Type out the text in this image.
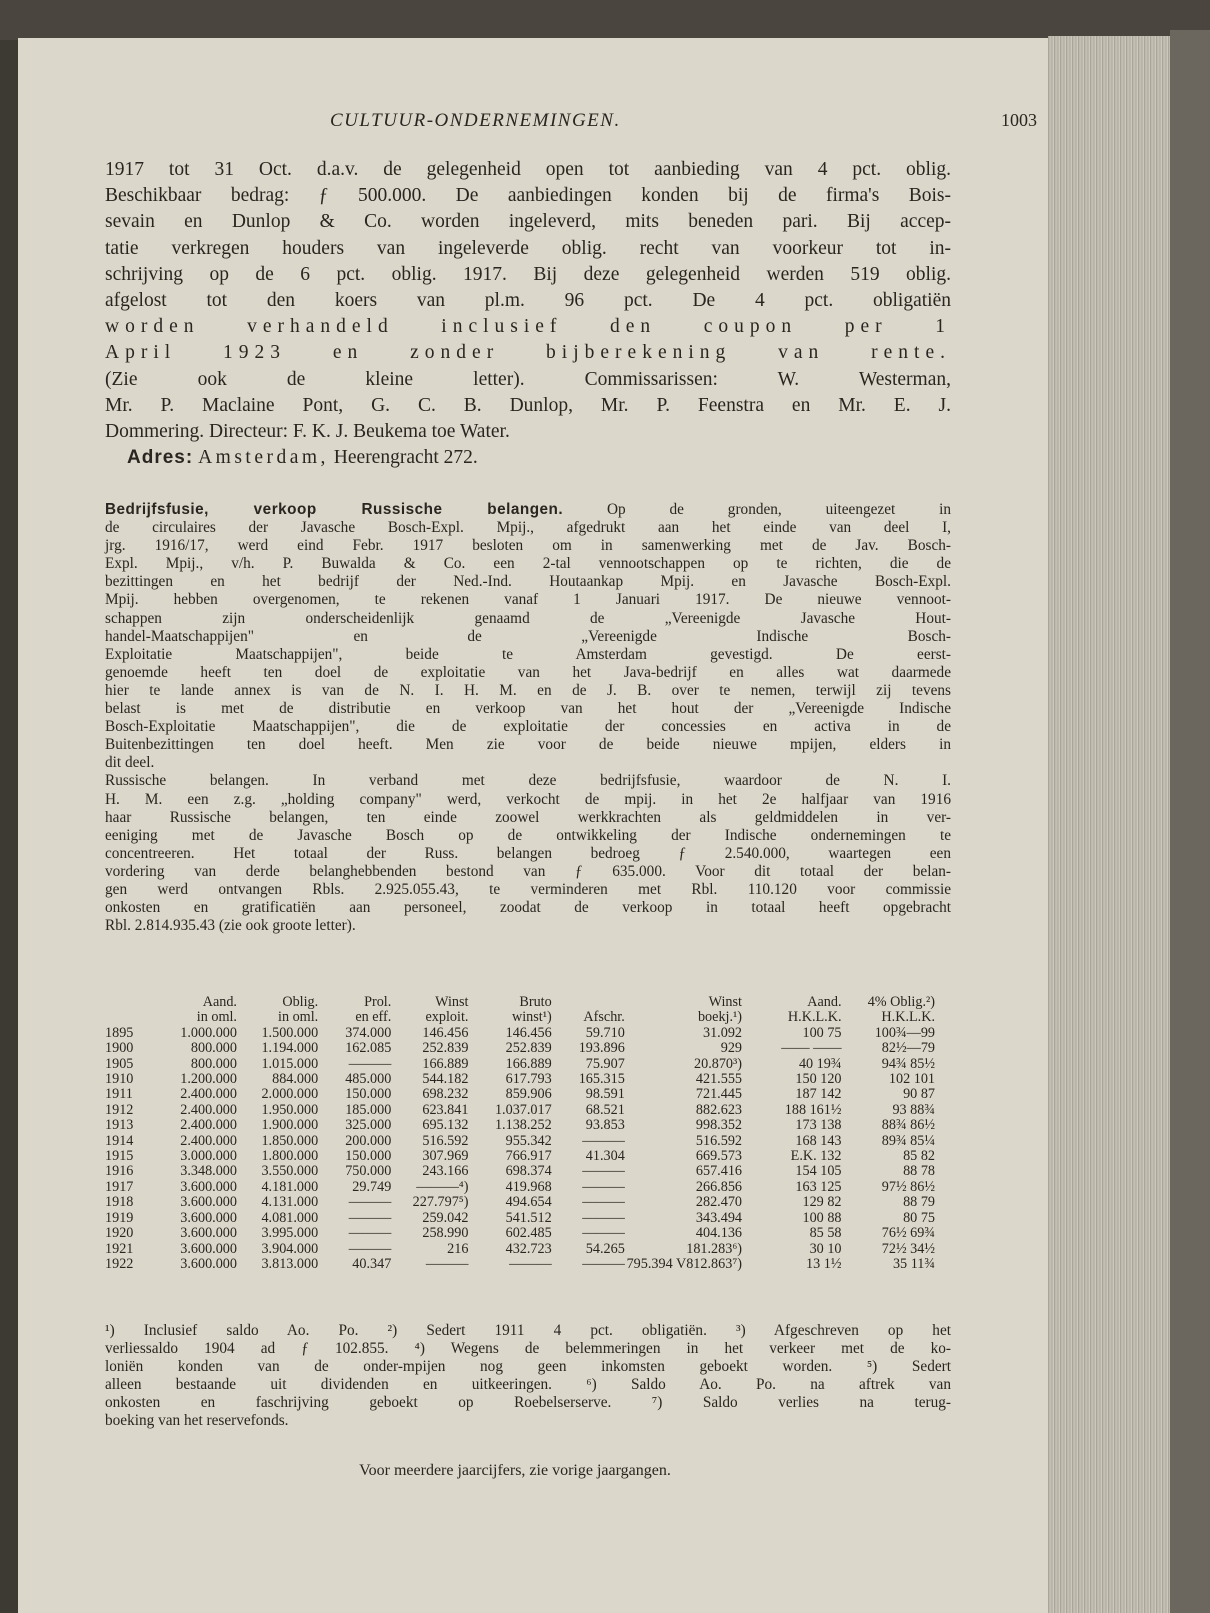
CULTUUR-ONDERNEMINGEN.	1003
1917 tot 31 Oct. d.a.v. de gelegenheid open tot aanbieding van 4 pct. oblig.
Beschikbaar bedrag: ƒ 500.000. De aanbiedingen konden bij de firma's Bois-
sevain en Dunlop & Co. worden ingeleverd, mits beneden pari. Bij accep-
tatie verkregen houders van ingeleverde oblig. recht van voorkeur tot in-
schrijving op de 6 pct. oblig. 1917. Bij deze gelegenheid werden 519 oblig.
afgelost tot den koers van pl.m. 96 pct. De 4 pct. obligatiën
worden verhandeld inclusief den coupon per 1
April 1923 en zonder bijberekening van rente.
(Zie ook de kleine letter). Commissarissen: W. Westerman,
Mr. P. Maclaine Pont, G. C. B. Dunlop, Mr. P. Feenstra en Mr. E. J.
Dommering. Directeur: F. K. J. Beukema toe Water.
Adres: Amsterdam, Heerengracht 272.
Bedrijfsfusie, verkoop Russische belangen. Op de gronden, uiteengezet in
de circulaires der Javasche Bosch-Expl. Mpij., afgedrukt aan het einde van deel I,
jrg. 1916/17, werd eind Febr. 1917 besloten om in samenwerking met de Jav. Bosch-
Expl. Mpij., v/h. P. Buwalda & Co. een 2-tal vennootschappen op te richten, die de
bezittingen en het bedrijf der Ned.-Ind. Houtaankap Mpij. en Javasche Bosch-Expl.
Mpij. hebben overgenomen, te rekenen vanaf 1 Januari 1917. De nieuwe vennoot-
schappen zijn onderscheidenlijk genaamd de „Vereenigde Javasche Hout-
handel-Maatschappijen" en de „Vereenigde Indische Bosch-
Exploitatie Maatschappijen", beide te Amsterdam gevestigd. De eerst-
genoemde heeft ten doel de exploitatie van het Java-bedrijf en alles wat daarmede
hier te lande annex is van de N. I. H. M. en de J. B. over te nemen, terwijl zij tevens
belast is met de distributie en verkoop van het hout der „Vereenigde Indische
Bosch-Exploitatie Maatschappijen", die de exploitatie der concessies en activa in de
Buitenbezittingen ten doel heeft. Men zie voor de beide nieuwe mpijen, elders in
dit deel.
Russische belangen. In verband met deze bedrijfsfusie, waardoor de N. I.
H. M. een z.g. „holding company" werd, verkocht de mpij. in het 2e halfjaar van 1916
haar Russische belangen, ten einde zoowel werkkrachten als geldmiddelen in ver-
eeniging met de Javasche Bosch op de ontwikkeling der Indische ondernemingen te
concentreeren. Het totaal der Russ. belangen bedroeg ƒ 2.540.000, waartegen een
vordering van derde belanghebbenden bestond van ƒ 635.000. Voor dit totaal der belan-
gen werd ontvangen Rbls. 2.925.055.43, te verminderen met Rbl. 110.120 voor commissie
onkosten en gratificatiën aan personeel, zoodat de verkoop in totaal heeft opgebracht
Rbl. 2.814.935.43 (zie ook groote letter).
	Aand.	Oblig.	Prol.	Winst	Bruto		Winst	Aand.	4% Oblig.²)
	in oml.	in oml.	en eff.	exploit.	winst¹)	Afschr.	boekj.¹)	H.K.L.K.	H.K.L.K.
1895	1.000.000	1.500.000	374.000	146.456	146.456	59.710	31.092	100 75	100¾—99
1900	800.000	1.194.000	162.085	252.839	252.839	193.896	929	—— ——	82½—79
1905	800.000	1.015.000	———	166.889	166.889	75.907	20.870³)	40 19¾	94¾ 85½
1910	1.200.000	884.000	485.000	544.182	617.793	165.315	421.555	150 120	102 101
1911	2.400.000	2.000.000	150.000	698.232	859.906	98.591	721.445	187 142	90 87
1912	2.400.000	1.950.000	185.000	623.841	1.037.017	68.521	882.623	188 161½	93 88¾
1913	2.400.000	1.900.000	325.000	695.132	1.138.252	93.853	998.352	173 138	88¾ 86½
1914	2.400.000	1.850.000	200.000	516.592	955.342	———	516.592	168 143	89¾ 85¼
1915	3.000.000	1.800.000	150.000	307.969	766.917	41.304	669.573	E.K. 132	85 82
1916	3.348.000	3.550.000	750.000	243.166	698.374	———	657.416	154 105	88 78
1917	3.600.000	4.181.000	29.749	———⁴)	419.968	———	266.856	163 125	97½ 86½
1918	3.600.000	4.131.000	———	227.797⁵)	494.654	———	282.470	129 82	88 79
1919	3.600.000	4.081.000	———	259.042	541.512	———	343.494	100 88	80 75
1920	3.600.000	3.995.000	———	258.990	602.485	———	404.136	85 58	76½ 69¾
1921	3.600.000	3.904.000	———	216	432.723	54.265	181.283⁶)	30 10	72½ 34½
1922	3.600.000	3.813.000	40.347	———	———	———	795.394 V812.863⁷)	13 1½	35 11¾
¹) Inclusief saldo Ao. Po. ²) Sedert 1911 4 pct. obligatiën. ³) Afgeschreven op het
verliessaldo 1904 ad ƒ 102.855. ⁴) Wegens de belemmeringen in het verkeer met de ko-
loniën konden van de onder-mpijen nog geen inkomsten geboekt worden. ⁵) Sedert
alleen bestaande uit dividenden en uitkeeringen. ⁶) Saldo Ao. Po. na aftrek van
onkosten en faschrijving geboekt op Roebelserserve. ⁷) Saldo verlies na terug-
boeking van het reservefonds.
Voor meerdere jaarcijfers, zie vorige jaargangen.
